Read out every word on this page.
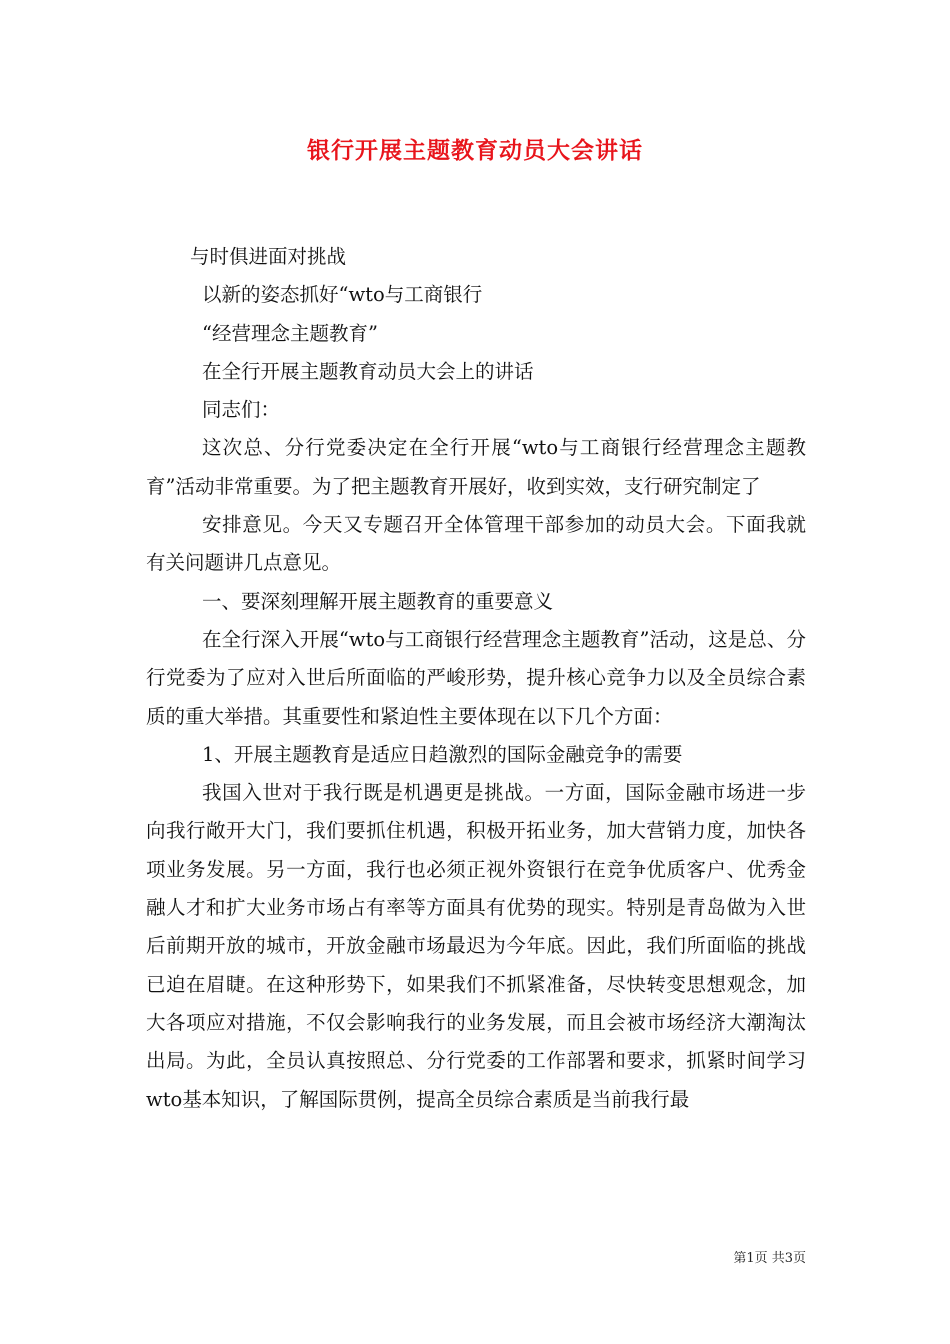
银行开展主题教育动员大会讲话
与时俱进面对挑战
以新的姿态抓好“wto与工商银行
“经营理念主题教育”
在全行开展主题教育动员大会上的讲话
同志们：

这次总、分行党委决定在全行开展“wto与工商银行经营理念主题教育”活动非常重要。为了把主题教育开展好，收到实效，支行研究制定了

安排意见。今天又专题召开全体管理干部参加的动员大会。下面我就有关问题讲几点意见。

一、要深刻理解开展主题教育的重要意义

在全行深入开展“wto与工商银行经营理念主题教育”活动，这是总、分行党委为了应对入世后所面临的严峻形势，提升核心竞争力以及全员综合素质的重大举措。其重要性和紧迫性主要体现在以下几个方面：

1、开展主题教育是适应日趋激烈的国际金融竞争的需要

我国入世对于我行既是机遇更是挑战。一方面，国际金融市场进一步向我行敞开大门，我们要抓住机遇，积极开拓业务，加大营销力度，加快各项业务发展。另一方面，我行也必须正视外资银行在竞争优质客户、优秀金融人才和扩大业务市场占有率等方面具有优势的现实。特别是青岛做为入世后前期开放的城市，开放金融市场最迟为今年底。因此，我们所面临的挑战已迫在眉睫。在这种形势下，如果我们不抓紧准备，尽快转变思想观念，加大各项应对措施，不仅会影响我行的业务发展，而且会被市场经济大潮淘汰出局。为此，全员认真按照总、分行党委的工作部署和要求，抓紧时间学习wto基本知识，了解国际贯例，提高全员综合素质是当前我行最

第1页 共3页
